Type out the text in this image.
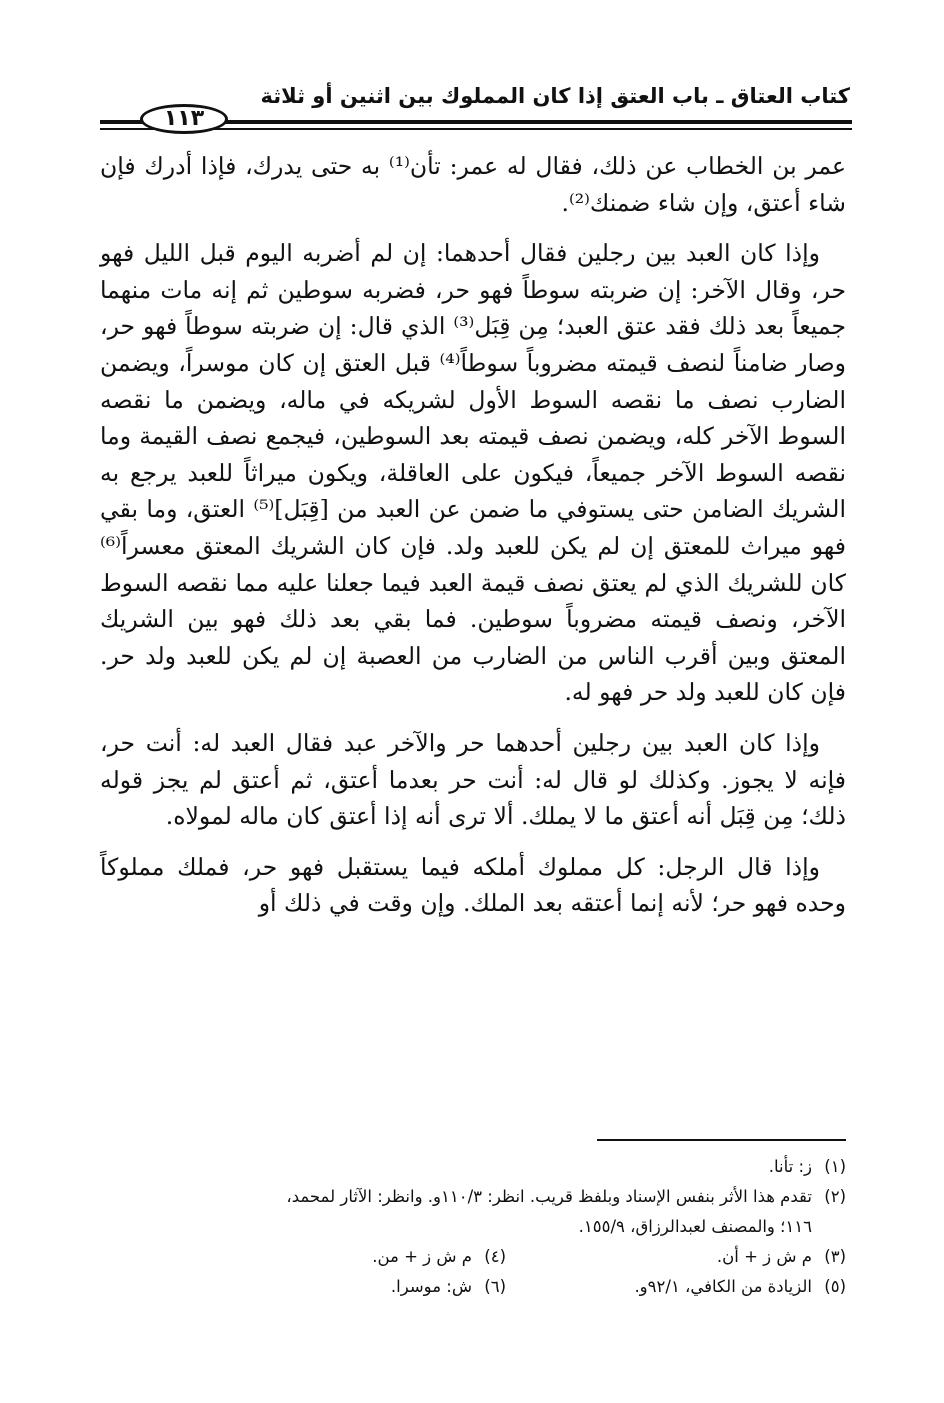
كتاب العتاق ـ باب العتق إذا كان المملوك بين اثنين أو ثلاثة
١١٣

عمر بن الخطاب عن ذلك، فقال له عمر: تأن⁽¹⁾ به حتى يدرك، فإذا أدرك فإن شاء أعتق، وإن شاء ضمنك⁽²⁾.

وإذا كان العبد بين رجلين فقال أحدهما: إن لم أضربه اليوم قبل الليل فهو حر، وقال الآخر: إن ضربته سوطاً فهو حر، فضربه سوطين ثم إنه مات منهما جميعاً بعد ذلك فقد عتق العبد؛ مِن قِبَل⁽³⁾ الذي قال: إن ضربته سوطاً فهو حر، وصار ضامناً لنصف قيمته مضروباً سوطاً⁽⁴⁾ قبل العتق إن كان موسراً، ويضمن الضارب نصف ما نقصه السوط الأول لشريكه في ماله، ويضمن ما نقصه السوط الآخر كله، ويضمن نصف قيمته بعد السوطين، فيجمع نصف القيمة وما نقصه السوط الآخر جميعاً، فيكون على العاقلة، ويكون ميراثاً للعبد يرجع به الشريك الضامن حتى يستوفي ما ضمن عن العبد من [قِبَل]⁽⁵⁾ العتق، وما بقي فهو ميراث للمعتق إن لم يكن للعبد ولد. فإن كان الشريك المعتق معسراً⁽⁶⁾ كان للشريك الذي لم يعتق نصف قيمة العبد فيما جعلنا عليه مما نقصه السوط الآخر، ونصف قيمته مضروباً سوطين. فما بقي بعد ذلك فهو بين الشريك المعتق وبين أقرب الناس من الضارب من العصبة إن لم يكن للعبد ولد حر. فإن كان للعبد ولد حر فهو له.

وإذا كان العبد بين رجلين أحدهما حر والآخر عبد فقال العبد له: أنت حر، فإنه لا يجوز. وكذلك لو قال له: أنت حر بعدما أعتق، ثم أعتق لم يجز قوله ذلك؛ مِن قِبَل أنه أعتق ما لا يملك. ألا ترى أنه إذا أعتق كان ماله لمولاه.

وإذا قال الرجل: كل مملوك أملكه فيما يستقبل فهو حر، فملك مملوكاً وحده فهو حر؛ لأنه إنما أعتقه بعد الملك. وإن وقت في ذلك أو

(١)
ز: تأنا.
(٢)
تقدم هذا الأثر بنفس الإسناد وبلفظ قريب. انظر: ١١٠/٣و. وانظر: الآثار لمحمد،
١١٦؛ والمصنف لعبدالرزاق، ١٥٥/٩.
(٣)
م ش ز + أن.
(٤)
م ش ز + من.
(٥)
الزيادة من الكافي، ٩٢/١و.
(٦)
ش: موسرا.
